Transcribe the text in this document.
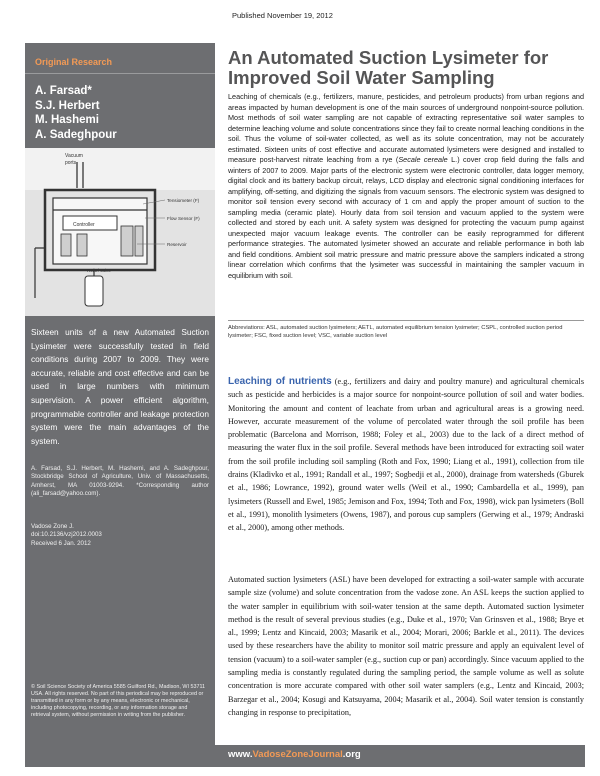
Published November 19, 2012
Original Research
A. Farsad*
S.J. Herbert
M. Hashemi
A. Sadeghpour
Vacuum
ports
Controller
Tensiometer (F)
Flow Sensor (F)
Reservoir
Relief valve
Sixteen units of a new Automated Suction Lysimeter were successfully tested in field conditions during 2007 to 2009. They were accurate, reliable and cost effective and can be used in large numbers with minimum supervision. A power efficient algorithm, programmable controller and leakage protection system were the main advantages of the system.
A. Farsad, S.J. Herbert, M. Hashemi, and A. Sadeghpour, Stockbridge School of Agriculture, Univ. of Massachusetts, Amherst, MA 01003-9294. *Corresponding author (ali_farsad@yahoo.com).
Vadose Zone J.
doi:10.2136/vzj2012.0003
Received 6 Jan. 2012
© Soil Science Society of America 5585 Guilford Rd., Madison, WI 53711 USA. All rights reserved. No part of this periodical may be reproduced or transmitted in any form or by any means, electronic or mechanical, including photocopying, recording, or any information storage and retrieval system, without permission in writing from the publisher.
An Automated Suction Lysimeter for Improved Soil Water Sampling
Leaching of chemicals (e.g., fertilizers, manure, pesticides, and petroleum products) from urban regions and areas impacted by human development is one of the main sources of underground nonpoint-source pollution. Most methods of soil water sampling are not capable of extracting representative soil water samples to determine leaching volume and solute concentrations since they fail to create normal leaching conditions in the soil. Thus the volume of soil-water collected, as well as its solute concentration, may not be accurately estimated. Sixteen units of cost effective and accurate automated lysimeters were designed and installed to measure post-harvest nitrate leaching from a rye (Secale cereale L.) cover crop field during the falls and winters of 2007 to 2009. Major parts of the electronic system were electronic controller, data logger memory, digital clock and its battery backup circuit, relays, LCD display and electronic signal conditioning interfaces for amplifying, off-setting, and digitizing the signals from vacuum sensors. The electronic system was designed to monitor soil tension every second with accuracy of 1 cm and apply the proper amount of suction to the sampling media (ceramic plate). Hourly data from soil tension and vacuum applied to the system were collected and stored by each unit. A safety system was designed for protecting the vacuum pump against unexpected major vacuum leakage events. The controller can be easily reprogrammed for different performance strategies. The automated lysimeter showed an accurate and reliable performance in both lab and field conditions. Ambient soil matric pressure and matric pressure above the samplers indicated a strong linear correlation which confirms that the lysimeter was successful in maintaining the sampler vacuum in equilibrium with soil.
Abbreviations: ASL, automated suction lysimeters; AETL, automated equilibrium tension lysimeter; CSPL, controlled suction period lysimeter; FSC, fixed suction level; VSC, variable suction level

Leaching of nutrients (e.g., fertilizers and dairy and poultry manure) and agricultural chemicals such as pesticide and herbicides is a major source for nonpoint-source pollution of soil and water bodies. Monitoring the amount and content of leachate from urban and agricultural areas is a growing need. However, accurate measurement of the volume of percolated water through the soil profile has been problematic (Barcelona and Morrison, 1988; Foley et al., 2003) due to the lack of a direct method of measuring the water flux in the soil profile. Several methods have been introduced for extracting soil water from the soil profile including soil sampling (Roth and Fox, 1990; Liang et al., 1991), collection from tile drains (Kladivko et al., 1991; Randall et al., 1997; Sogbedji et al., 2000), drainage from watersheds (Gburek et al., 1986; Lowrance, 1992), ground water wells (Weil et al., 1990; Cambardella et al., 1999), pan lysimeters (Russell and Ewel, 1985; Jemison and Fox, 1994; Toth and Fox, 1998), wick pan lysimeters (Boll et al., 1991), monolith lysimeters (Owens, 1987), and porous cup samplers (Gerwing et al., 1979; Andraski et al., 2000), among other methods.

Automated suction lysimeters (ASL) have been developed for extracting a soil-water sample with accurate sample size (volume) and solute concentration from the vadose zone. An ASL keeps the suction applied to the water sampler in equilibrium with soil-water tension at the same depth. Automated suction lysimeter method is the result of several previous studies (e.g., Duke et al., 1970; Van Grinsven et al., 1988; Brye et al., 1999; Lentz and Kincaid, 2003; Masarik et al., 2004; Morari, 2006; Barkle et al., 2011). The devices used by these researchers have the ability to monitor soil matric pressure and apply an equivalent level of tension (vacuum) to a soil-water sampler (e.g., suction cup or pan) accordingly. Since vacuum applied to the sampling media is constantly regulated during the sampling period, the sample volume as well as solute concentration is more accurate compared with other soil water samplers (e.g., Lentz and Kincaid, 2003; Barzegar et al., 2004; Kosugi and Katsuyama, 2004; Masarik et al., 2004). Soil water tension is constantly changing in response to precipitation,

www.VadoseZoneJournal.org
